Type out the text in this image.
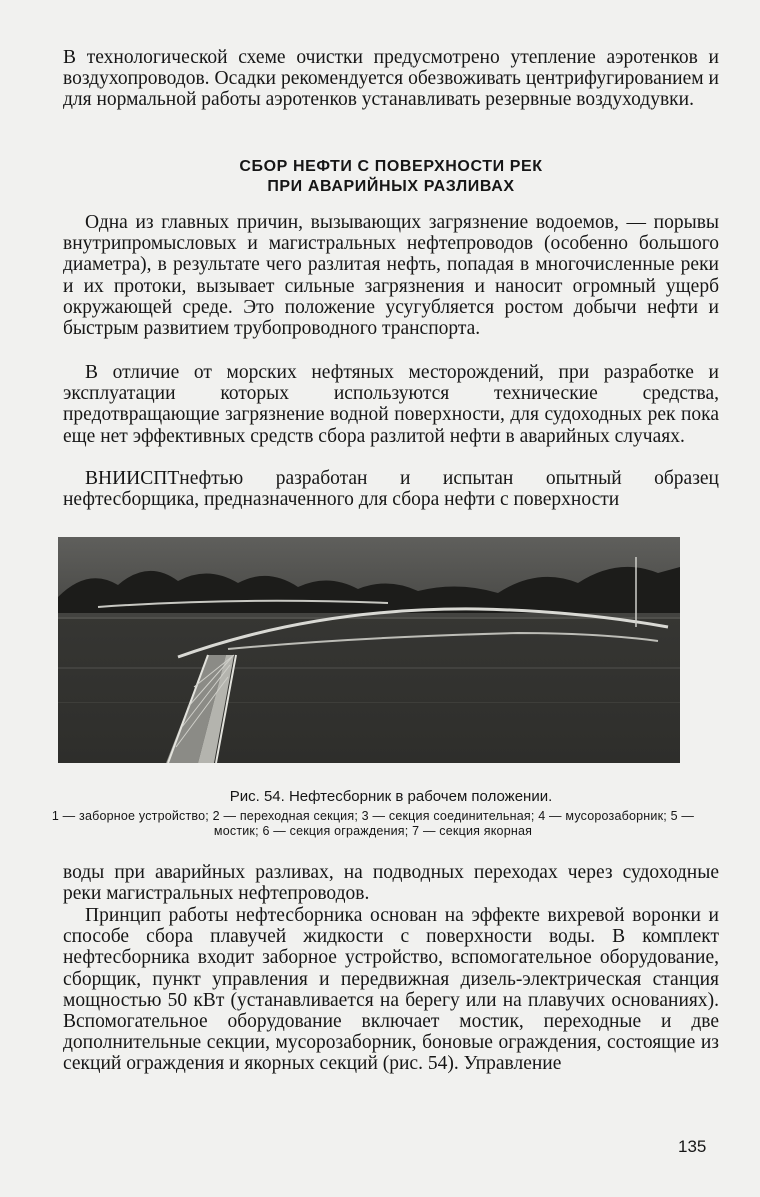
В технологической схеме очистки предусмотрено утепление аэротенков и воздухопроводов. Осадки рекомендуется обезвоживать центрифугированием и для нормальной работы аэротенков устанавливать резервные воздуходувки.

СБОР НЕФТИ С ПОВЕРХНОСТИ РЕК
ПРИ АВАРИЙНЫХ РАЗЛИВАХ

Одна из главных причин, вызывающих загрязнение водоемов, — порывы внутрипромысловых и магистральных нефтепроводов (особенно большого диаметра), в результате чего разлитая нефть, попадая в многочисленные реки и их протоки, вызывает сильные загрязнения и наносит огромный ущерб окружающей среде. Это положение усугубляется ростом добычи нефти и быстрым развитием трубопроводного транспорта.

В отличие от морских нефтяных месторождений, при разработке и эксплуатации которых используются технические средства, предотвращающие загрязнение водной поверхности, для судоходных рек пока еще нет эффективных средств сбора разлитой нефти в аварийных случаях.

ВНИИСПТнефтью разработан и испытан опытный образец нефтесборщика, предназначенного для сбора нефти с поверхности

Рис. 54. Нефтесборник в рабочем положении.

1 — заборное устройство; 2 — переходная секция; 3 — секция соединительная; 4 — мусорозаборник; 5 — мостик; 6 — секция ограждения; 7 — секция якорная

воды при аварийных разливах, на подводных переходах через судоходные реки магистральных нефтепроводов.

Принцип работы нефтесборника основан на эффекте вихревой воронки и способе сбора плавучей жидкости с поверхности воды. В комплект нефтесборника входит заборное устройство, вспомогательное оборудование, сборщик, пункт управления и передвижная дизель-электрическая станция мощностью 50 кВт (устанавливается на берегу или на плавучих основаниях). Вспомогательное оборудование включает мостик, переходные и две дополнительные секции, мусорозаборник, боновые ограждения, состоящие из секций ограждения и якорных секций (рис. 54). Управление

135
